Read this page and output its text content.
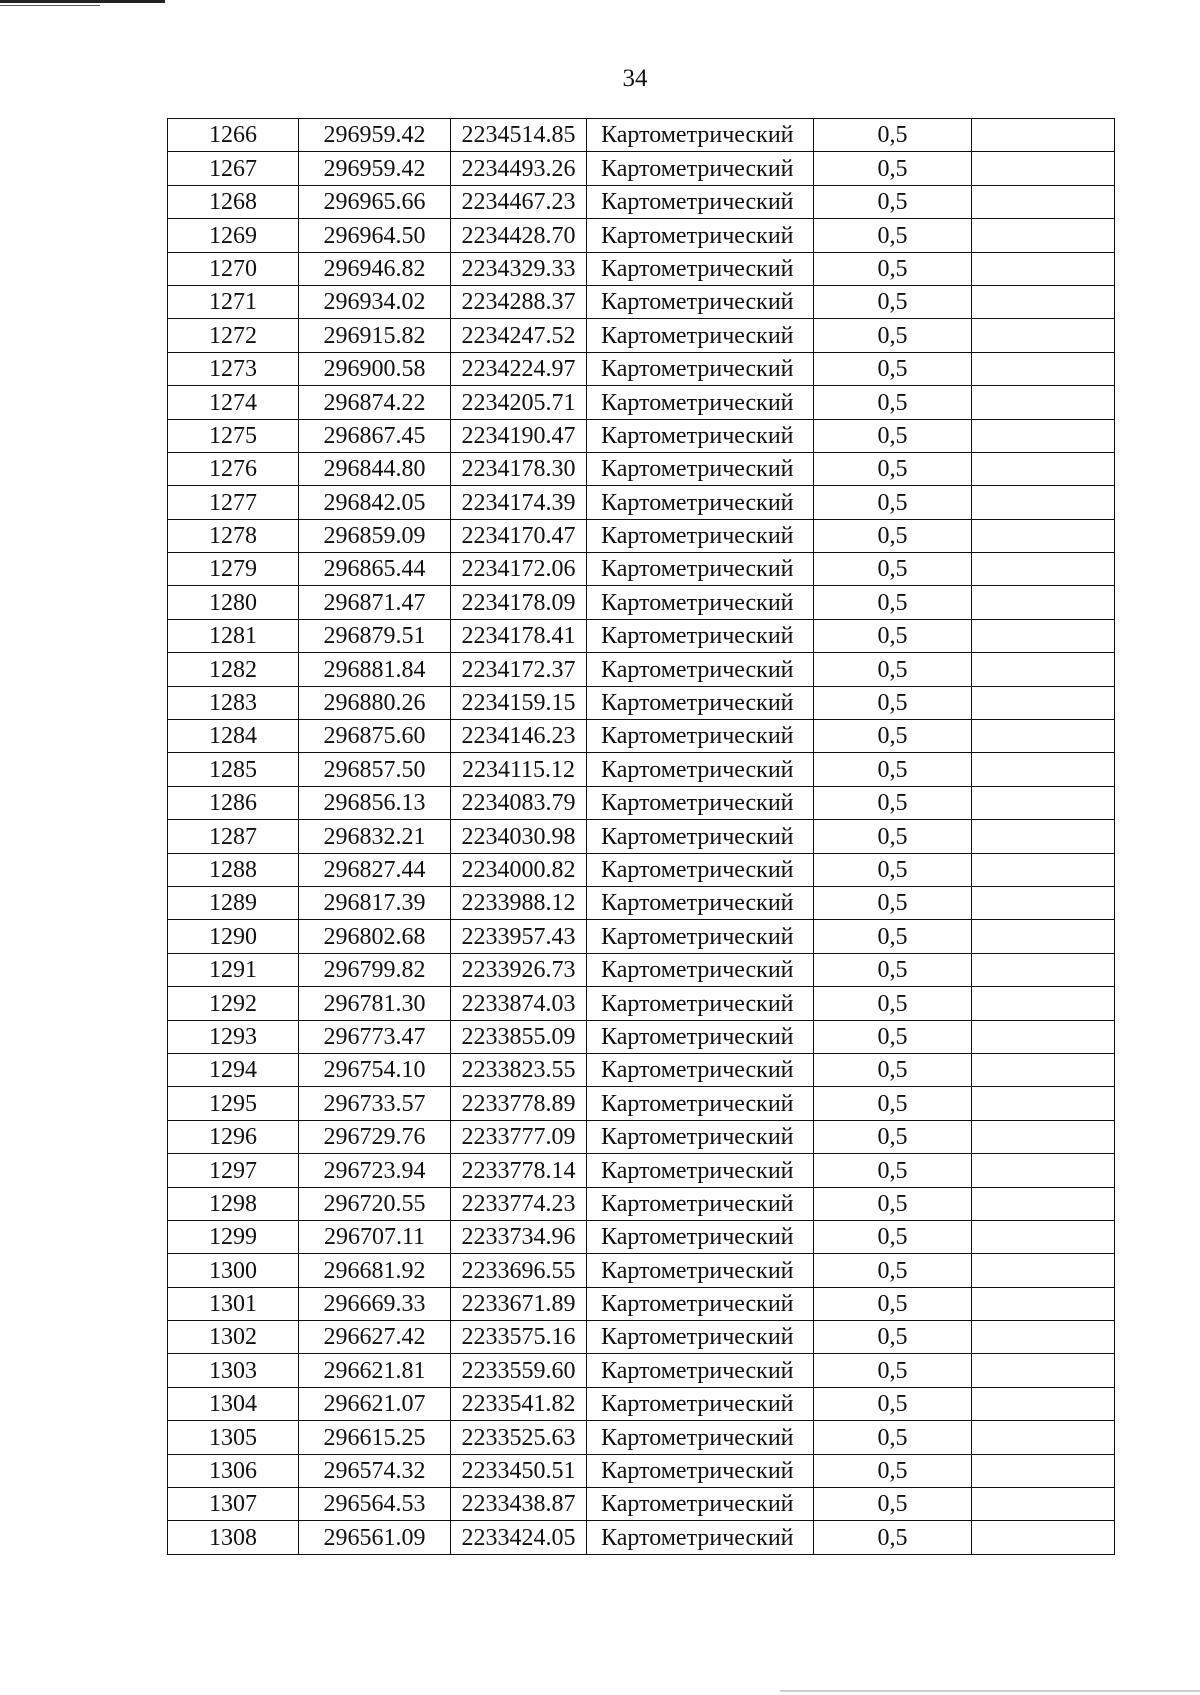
34
1266	296959.42	2234514.85	Картометрический	0,5	
1267	296959.42	2234493.26	Картометрический	0,5	
1268	296965.66	2234467.23	Картометрический	0,5	
1269	296964.50	2234428.70	Картометрический	0,5	
1270	296946.82	2234329.33	Картометрический	0,5	
1271	296934.02	2234288.37	Картометрический	0,5	
1272	296915.82	2234247.52	Картометрический	0,5	
1273	296900.58	2234224.97	Картометрический	0,5	
1274	296874.22	2234205.71	Картометрический	0,5	
1275	296867.45	2234190.47	Картометрический	0,5	
1276	296844.80	2234178.30	Картометрический	0,5	
1277	296842.05	2234174.39	Картометрический	0,5	
1278	296859.09	2234170.47	Картометрический	0,5	
1279	296865.44	2234172.06	Картометрический	0,5	
1280	296871.47	2234178.09	Картометрический	0,5	
1281	296879.51	2234178.41	Картометрический	0,5	
1282	296881.84	2234172.37	Картометрический	0,5	
1283	296880.26	2234159.15	Картометрический	0,5	
1284	296875.60	2234146.23	Картометрический	0,5	
1285	296857.50	2234115.12	Картометрический	0,5	
1286	296856.13	2234083.79	Картометрический	0,5	
1287	296832.21	2234030.98	Картометрический	0,5	
1288	296827.44	2234000.82	Картометрический	0,5	
1289	296817.39	2233988.12	Картометрический	0,5	
1290	296802.68	2233957.43	Картометрический	0,5	
1291	296799.82	2233926.73	Картометрический	0,5	
1292	296781.30	2233874.03	Картометрический	0,5	
1293	296773.47	2233855.09	Картометрический	0,5	
1294	296754.10	2233823.55	Картометрический	0,5	
1295	296733.57	2233778.89	Картометрический	0,5	
1296	296729.76	2233777.09	Картометрический	0,5	
1297	296723.94	2233778.14	Картометрический	0,5	
1298	296720.55	2233774.23	Картометрический	0,5	
1299	296707.11	2233734.96	Картометрический	0,5	
1300	296681.92	2233696.55	Картометрический	0,5	
1301	296669.33	2233671.89	Картометрический	0,5	
1302	296627.42	2233575.16	Картометрический	0,5	
1303	296621.81	2233559.60	Картометрический	0,5	
1304	296621.07	2233541.82	Картометрический	0,5	
1305	296615.25	2233525.63	Картометрический	0,5	
1306	296574.32	2233450.51	Картометрический	0,5	
1307	296564.53	2233438.87	Картометрический	0,5	
1308	296561.09	2233424.05	Картометрический	0,5	
